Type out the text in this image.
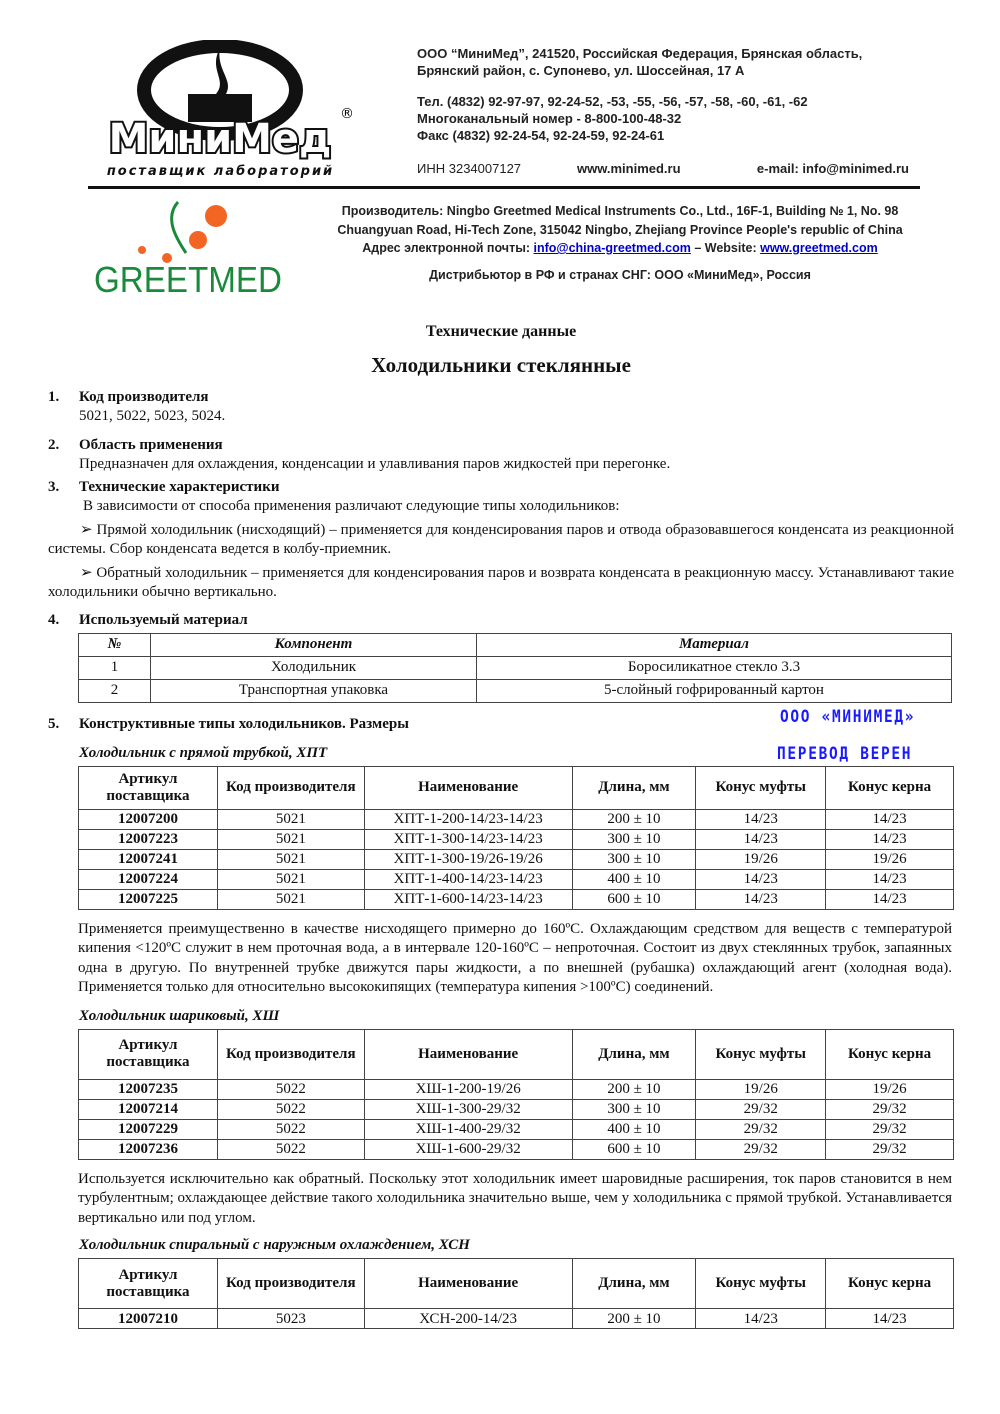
МиниМед
®
поставщик лабораторий
ООО “МиниМед”, 241520, Российская Федерация, Брянская область,
Брянский район, с. Супонево, ул. Шоссейная, 17 А
Тел. (4832) 92-97-97, 92-24-52, -53, -55, -56, -57, -58, -60, -61, -62
Многоканальный номер - 8-800-100-48-32
Факс (4832) 92-24-54, 92-24-59, 92-24-61
ИНН 3234007127	www.minimed.ru	e-mail: info@minimed.ru
GREETMED
Производитель: Ningbo Greetmed Medical Instruments Co., Ltd., 16F-1, Building № 1, No. 98
Chuangyuan Road, Hi-Tech Zone, 315042 Ningbo, Zhejiang Province People's republic of China
Адрес электронной почты: info@china-greetmed.com – Website: www.greetmed.com
Дистрибьютор в РФ и странах СНГ: ООО «МиниМед», Россия
Технические данные
Холодильники стеклянные
1.	Код производителя
5021, 5022, 5023, 5024.
2.	Область применения
Предназначен для охлаждения, конденсации и улавливания паров жидкостей при перегонке.
3.	Технические характеристики
В зависимости от способа применения различают следующие типы холодильников:
➢ Прямой холодильник (нисходящий) – применяется для конденсирования паров и отвода образовавшегося конденсата из реакционной системы. Сбор конденсата ведется в колбу-приемник.
➢ Обратный холодильник – применяется для конденсирования паров и возврата конденсата в реакционную массу. Устанавливают такие холодильники обычно вертикально.
4.	Используемый материал
№	Компонент	Материал
1	Холодильник	Боросиликатное стекло 3.3
2	Транспортная упаковка	5-слойный гофрированный картон
5.	Конструктивные типы холодильников. Размеры	ООО «МИНИМЕД»
Холодильник с прямой трубкой, ХПТ	ПЕРЕВОД ВЕРЕН
Артикул поставщика	Код производителя	Наименование	Длина, мм	Конус муфты	Конус керна
12007200	5021	ХПТ-1-200-14/23-14/23	200 ± 10	14/23	14/23
12007223	5021	ХПТ-1-300-14/23-14/23	300 ± 10	14/23	14/23
12007241	5021	ХПТ-1-300-19/26-19/26	300 ± 10	19/26	19/26
12007224	5021	ХПТ-1-400-14/23-14/23	400 ± 10	14/23	14/23
12007225	5021	ХПТ-1-600-14/23-14/23	600 ± 10	14/23	14/23
Применяется преимущественно в качестве нисходящего примерно до 160ºС. Охлаждающим средством для веществ с температурой кипения <120ºС служит в нем проточная вода, а в интервале 120-160ºС – непроточная. Состоит из двух стеклянных трубок, запаянных одна в другую. По внутренней трубке движутся пары жидкости, а по внешней (рубашка) охлаждающий агент (холодная вода). Применяется только для относительно высококипящих (температура кипения >100ºС) соединений.
Холодильник шариковый, ХШ
Артикул поставщика	Код производителя	Наименование	Длина, мм	Конус муфты	Конус керна
12007235	5022	ХШ-1-200-19/26	200 ± 10	19/26	19/26
12007214	5022	ХШ-1-300-29/32	300 ± 10	29/32	29/32
12007229	5022	ХШ-1-400-29/32	400 ± 10	29/32	29/32
12007236	5022	ХШ-1-600-29/32	600 ± 10	29/32	29/32
Используется исключительно как обратный. Поскольку этот холодильник имеет шаровидные расширения, ток паров становится в нем турбулентным; охлаждающее действие такого холодильника значительно выше, чем у холодильника с прямой трубкой. Устанавливается вертикально или под углом.
Холодильник спиральный с наружным охлаждением, ХСН
Артикул поставщика	Код производителя	Наименование	Длина, мм	Конус муфты	Конус керна
12007210	5023	ХСН-200-14/23	200 ± 10	14/23	14/23
